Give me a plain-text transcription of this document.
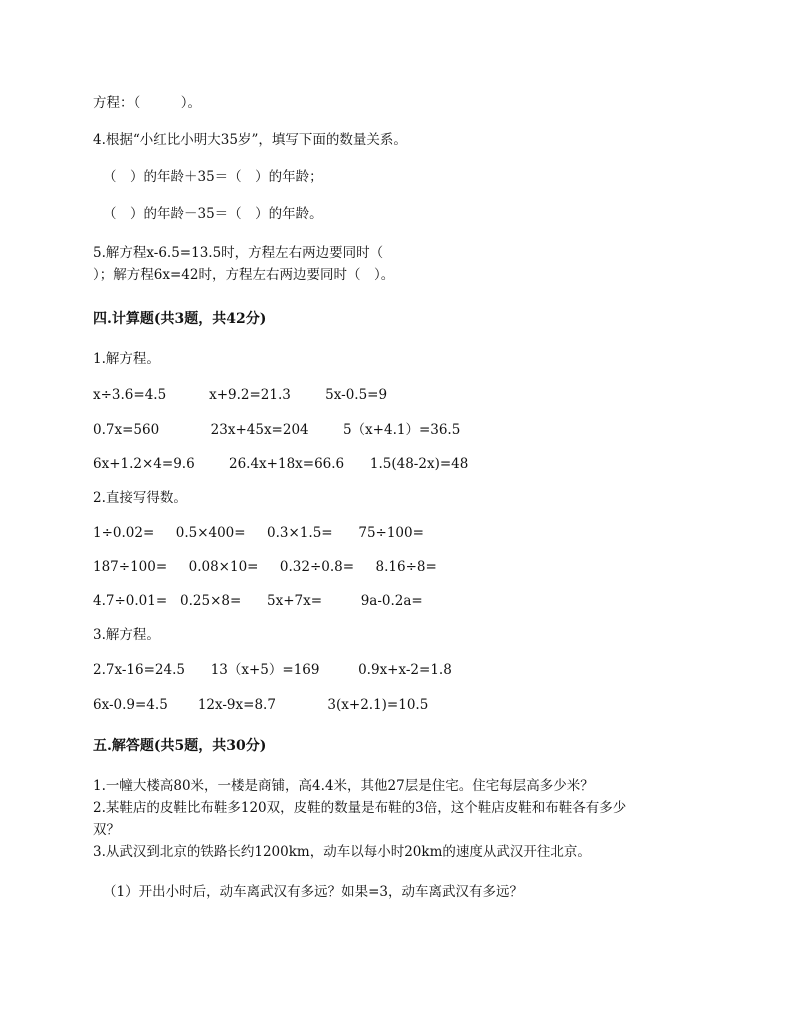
方程：（　　　）。
4.根据“小红比小明大35岁”，填写下面的数量关系。
（　）的年龄＋35＝（　）的年龄；
（　）的年龄－35＝（　）的年龄。
5.解方程x-6.5=13.5时，方程左右两边要同时（
）；解方程6x=42时，方程左右两边要同时（　）。
四.计算题(共3题，共42分)
1.解方程。
x÷3.6=4.5          x+9.2=21.3        5x-0.5=9
0.7x=560            23x+45x=204        5（x+4.1）=36.5
6x+1.2×4=9.6        26.4x+18x=66.6      1.5(48-2x)=48
2.直接写得数。
1÷0.02=     0.5×400=     0.3×1.5=      75÷100=
187÷100=     0.08×10=     0.32÷0.8=     8.16÷8=
4.7÷0.01=   0.25×8=      5x+7x=         9a-0.2a=
3.解方程。
2.7x-16=24.5      13（x+5）=169         0.9x+x-2=1.8
6x-0.9=4.5       12x-9x=8.7            3(x+2.1)=10.5
五.解答题(共5题，共30分)
1.一幢大楼高80米，一楼是商铺，高4.4米，其他27层是住宅。住宅每层高多少米？
2.某鞋店的皮鞋比布鞋多120双，皮鞋的数量是布鞋的3倍，这个鞋店皮鞋和布鞋各有多少
双？
3.从武汉到北京的铁路长约1200km，动车以每小时20km的速度从武汉开往北京。
（1）开出小时后，动车离武汉有多远？如果=3，动车离武汉有多远？
